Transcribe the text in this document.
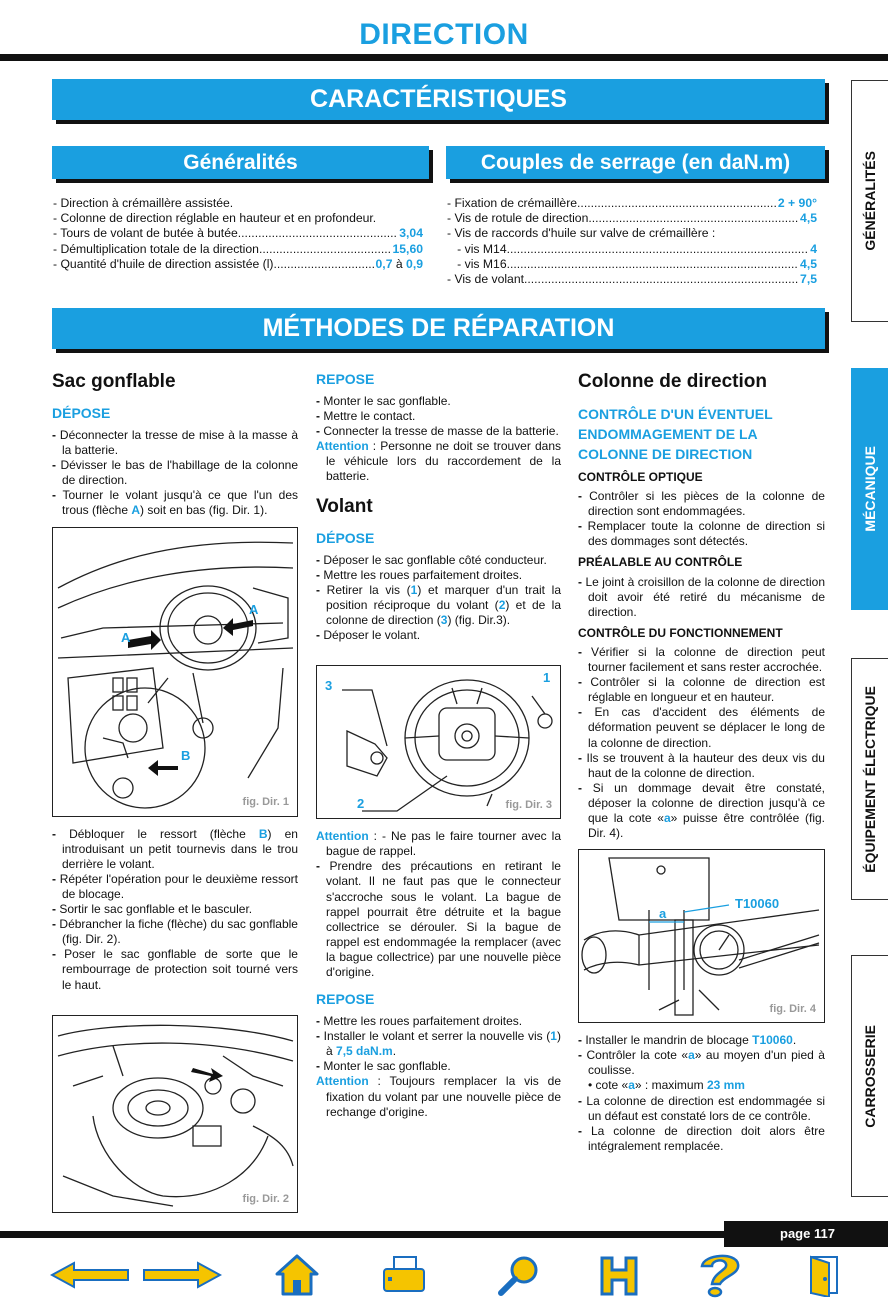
DIRECTION
CARACTÉRISTIQUES
Généralités	Couples de serrage (en daN.m)
- Direction à crémaillère assistée.
- Colonne de direction réglable en hauteur et en profondeur.
- Tours de volant de butée à butée .....	3,04
- Démultiplication totale de la direction .....	15,60
- Quantité d'huile de direction assistée (l) .....	0,7 à 0,9
- Fixation de crémaillère .....	2 + 90°
- Vis de rotule de direction .....	4,5
- Vis de raccords d'huile sur valve de crémaillère :
- vis M14 .....	4
- vis M16 .....	4,5
- Vis de volant .....	7,5
MÉTHODES DE RÉPARATION
Sac gonflable
DÉPOSE
- Déconnecter la tresse de mise à la masse à la batterie.
- Dévisser le bas de l'habillage de la colonne de direction.
- Tourner le volant jusqu'à ce que l'un des trous (flèche A) soit en bas (fig. Dir. 1).
A
A
B
fig. Dir. 1
- Débloquer le ressort (flèche B) en introduisant un petit tournevis dans le trou derrière le volant.
- Répéter l'opération pour le deuxième ressort de blocage.
- Sortir le sac gonflable et le basculer.
- Débrancher la fiche (flèche) du sac gonflable (fig. Dir. 2).
- Poser le sac gonflable de sorte que le rembourrage de protection soit tourné vers le haut.
fig. Dir. 2
REPOSE
- Monter le sac gonflable.
- Mettre le contact.
- Connecter la tresse de masse de la batterie.
Attention : Personne ne doit se trouver dans le véhicule lors du raccordement de la batterie.
Volant
DÉPOSE
- Déposer le sac gonflable côté conducteur.
- Mettre les roues parfaitement droites.
- Retirer la vis (1) et marquer d'un trait la position réciproque du volant (2) et de la colonne de direction (3) (fig. Dir.3).
- Déposer le volant.
3
1
2	fig. Dir. 3
Attention : - Ne pas le faire tourner avec la bague de rappel.
- Prendre des précautions en retirant le volant. Il ne faut pas que le connecteur s'accroche sous le volant. La bague de rappel pourrait être détruite et la bague collectrice se dérouler. Si la bague de rappel est endommagée la remplacer (avec la bague collectrice) par une nouvelle pièce d'origine.
REPOSE
- Mettre les roues parfaitement droites.
- Installer le volant et serrer la nouvelle vis (1) à 7,5 daN.m.
- Monter le sac gonflable.
Attention : Toujours remplacer la vis de fixation du volant par une nouvelle pièce de rechange d'origine.
Colonne de direction
CONTRÔLE D'UN ÉVENTUEL ENDOMMAGEMENT DE LA COLONNE DE DIRECTION
CONTRÔLE OPTIQUE
- Contrôler si les pièces de la colonne de direction sont endommagées.
- Remplacer toute la colonne de direction si des dommages sont détectés.
PRÉALABLE AU CONTRÔLE
- Le joint à croisillon de la colonne de direction doit avoir été retiré du mécanisme de direction.
CONTRÔLE DU FONCTIONNEMENT
- Vérifier si la colonne de direction peut tourner facilement et sans rester accrochée.
- Contrôler si la colonne de direction est réglable en longueur et en hauteur.
- En cas d'accident des éléments de déformation peuvent se déplacer le long de la colonne de direction.
- Ils se trouvent à la hauteur des deux vis du haut de la colonne de direction.
- Si un dommage devait être constaté, déposer la colonne de direction jusqu'à ce que la cote «a» puisse être contrôlée (fig. Dir. 4).
T10060
a
fig. Dir. 4
- Installer le mandrin de blocage T10060.
- Contrôler la cote «a» au moyen d'un pied à coulisse.
• cote «a» : maximum 23 mm
- La colonne de direction est endommagée si un défaut est constaté lors de ce contrôle.
- La colonne de direction doit alors être intégralement remplacée.
GÉNÉRALITÉS
MÉCANIQUE
ÉQUIPEMENT ÉLECTRIQUE
CARROSSERIE
page 117
